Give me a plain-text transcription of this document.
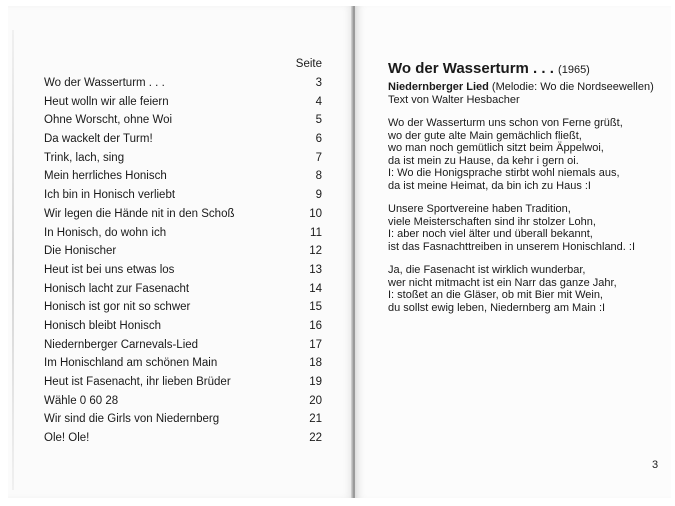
Seite
Wo der Wasserturm . . .	3
Heut wolln wir alle feiern	4
Ohne Worscht, ohne Woi	5
Da wackelt der Turm!	6
Trink, lach, sing	7
Mein herrliches Honisch	8
Ich bin in Honisch verliebt	9
Wir legen die Hände nit in den Schoß	10
In Honisch, do wohn ich	11
Die Honischer	12
Heut ist bei uns etwas los	13
Honisch lacht zur Fasenacht	14
Honisch ist gor nit so schwer	15
Honisch bleibt Honisch	16
Niedernberger Carnevals-Lied	17
Im Honischland am schönen Main	18
Heut ist Fasenacht, ihr lieben Brüder	19
Wähle 0 60 28	20
Wir sind die Girls von Niedernberg	21
Ole! Ole!	22
Wo der Wasserturm . . . (1965)
Niedernberger Lied (Melodie: Wo die Nordseewellen)
Text von Walter Hesbacher
Wo der Wasserturm uns schon von Ferne grüßt,
wo der gute alte Main gemächlich fließt,
wo man noch gemütlich sitzt beim Äppelwoi,
da ist mein zu Hause, da kehr i gern oi.
I: Wo die Honigsprache stirbt wohl niemals aus,
da ist meine Heimat, da bin ich zu Haus :I
Unsere Sportvereine haben Tradition,
viele Meisterschaften sind ihr stolzer Lohn,
I: aber noch viel älter und überall bekannt,
ist das Fasnachttreiben in unserem Honischland. :I
Ja, die Fasenacht ist wirklich wunderbar,
wer nicht mitmacht ist ein Narr das ganze Jahr,
I: stoßet an die Gläser, ob mit Bier mit Wein,
du sollst ewig leben, Niedernberg am Main :I
3
